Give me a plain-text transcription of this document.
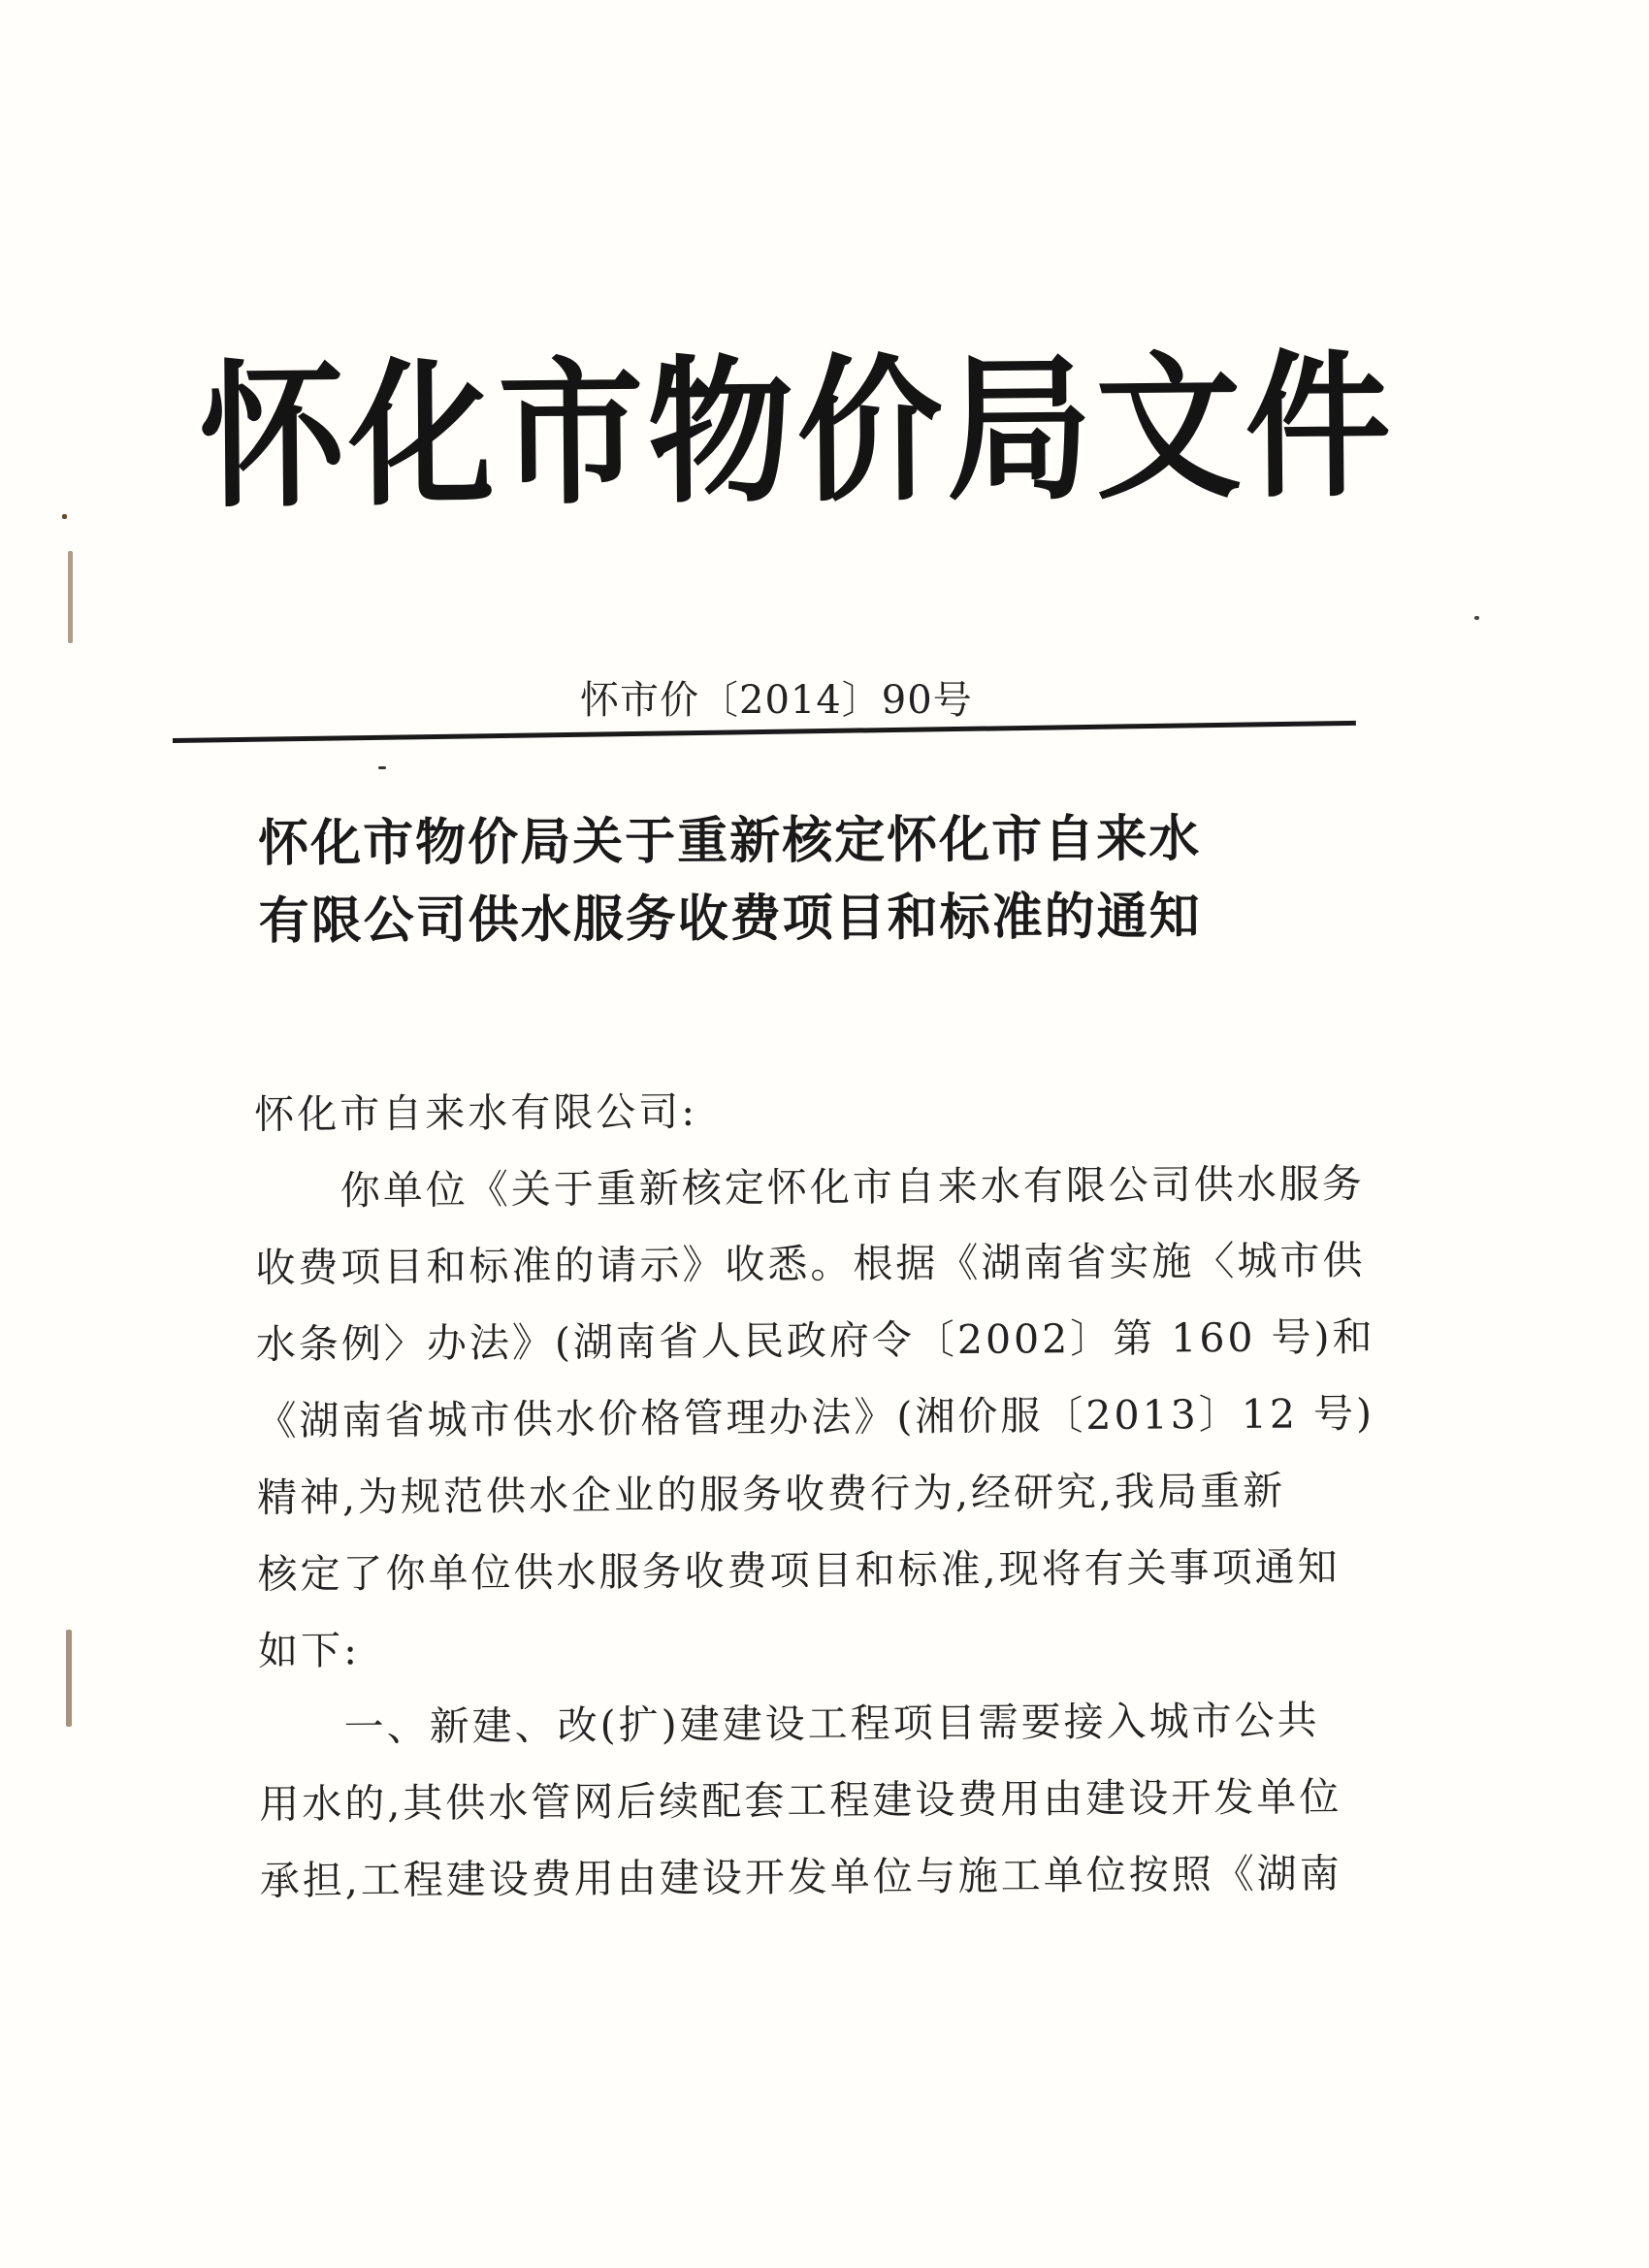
怀化市物价局文件
怀市价〔2014〕90号
怀化市物价局关于重新核定怀化市自来水
有限公司供水服务收费项目和标准的通知
怀化市自来水有限公司:
你单位《关于重新核定怀化市自来水有限公司供水服务
收费项目和标准的请示》收悉。根据《湖南省实施〈城市供
水条例〉办法》(湖南省人民政府令〔2002〕第 160 号)和
《湖南省城市供水价格管理办法》(湘价服〔2013〕12 号)
精神,为规范供水企业的服务收费行为,经研究,我局重新
核定了你单位供水服务收费项目和标准,现将有关事项通知
如下:
一、新建、改(扩)建建设工程项目需要接入城市公共
用水的,其供水管网后续配套工程建设费用由建设开发单位
承担,工程建设费用由建设开发单位与施工单位按照《湖南
